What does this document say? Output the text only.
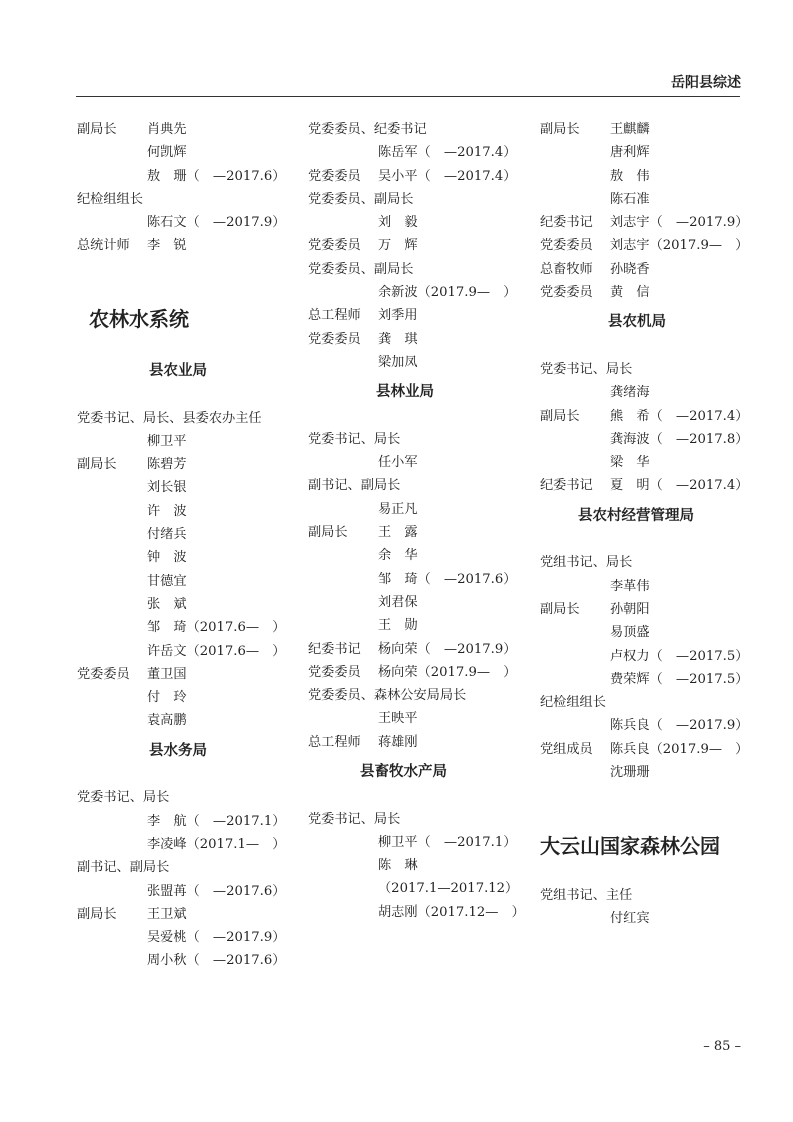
岳阳县综述
副局长 肖典先
何凯辉
敖　珊（　—2017.6）
纪检组组长
陈石文（　—2017.9）
总统计师 李　锐
农林水系统
县农业局
党委书记、局长、县委农办主任
柳卫平
副局长 陈碧芳
刘长银
许　波
付绪兵
钟　波
甘德宜
张　斌
邹　琦（2017.6—　）
许岳文（2017.6—　）
党委委员 董卫国
付　玲
袁高鹏
县水务局
党委书记、局长
李　航（　—2017.1）
李凌峰（2017.1—　）
副书记、副局长
张盟苒（　—2017.6）
副局长 王卫斌
吴爱桃（　—2017.9）
周小秋（　—2017.6）
党委委员、纪委书记
陈岳军（　—2017.4）
党委委员 吴小平（　—2017.4）
党委委员、副局长
刘　毅
党委委员 万　辉
党委委员、副局长
余新波（2017.9—　）
总工程师 刘季用
党委委员 龚　琪
梁加凤
县林业局
党委书记、局长
任小军
副书记、副局长
易正凡
副局长 王　露
余　华
邹　琦（　—2017.6）
刘君保
王　勋
纪委书记 杨向荣（　—2017.9）
党委委员 杨向荣（2017.9—　）
党委委员、森林公安局局长
王映平
总工程师 蒋雄刚
县畜牧水产局
党委书记、局长
柳卫平（　—2017.1）
陈　琳
（2017.1—2017.12）
胡志刚（2017.12—　）
副局长 王麒麟
唐利辉
敖　伟
陈石准
纪委书记 刘志宇（　—2017.9）
党委委员 刘志宇（2017.9—　）
总畜牧师 孙晓香
党委委员 黄　信
县农机局
党委书记、局长
龚绪海
副局长 熊　希（　—2017.4）
龚海波（　—2017.8）
梁　华
纪委书记 夏　明（　—2017.4）
县农村经营管理局
党组书记、局长
李革伟
副局长 孙朝阳
易顶盛
卢权力（　—2017.5）
费荣辉（　—2017.5）
纪检组组长
陈兵良（　—2017.9）
党组成员 陈兵良（2017.9—　）
沈珊珊
大云山国家森林公园
党组书记、主任
付红宾
– 85 –
